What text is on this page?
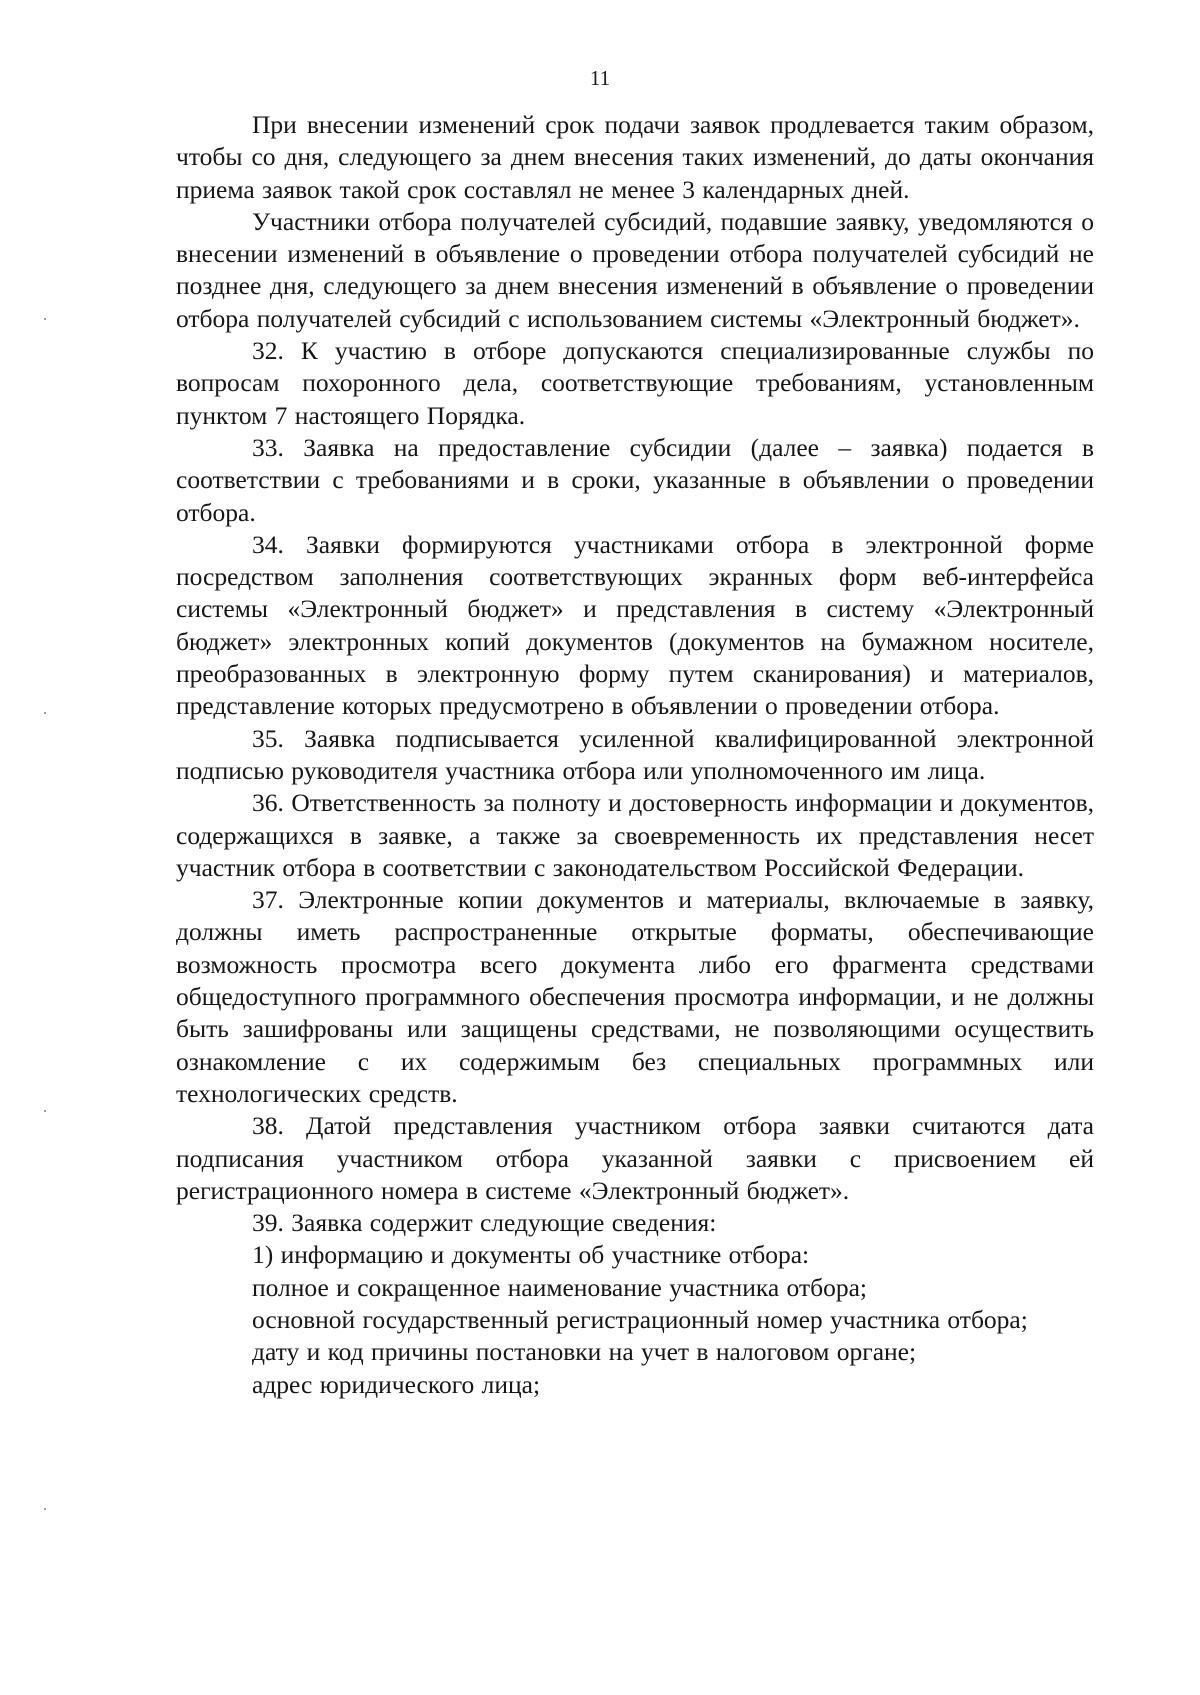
11

При внесении изменений срок подачи заявок продлевается таким образом, чтобы со дня, следующего за днем внесения таких изменений, до даты окончания приема заявок такой срок составлял не менее 3 календарных дней.

Участники отбора получателей субсидий, подавшие заявку, уведомляются о внесении изменений в объявление о проведении отбора получателей субсидий не позднее дня, следующего за днем внесения изменений в объявление о проведении отбора получателей субсидий с использованием системы «Электронный бюджет».

32. К участию в отборе допускаются специализированные службы по вопросам похоронного дела, соответствующие требованиям, установленным пунктом 7 настоящего Порядка.

33. Заявка на предоставление субсидии (далее – заявка) подается в соответствии с требованиями и в сроки, указанные в объявлении о проведении отбора.

34. Заявки формируются участниками отбора в электронной форме посредством заполнения соответствующих экранных форм веб-интерфейса системы «Электронный бюджет» и представления в систему «Электронный бюджет» электронных копий документов (документов на бумажном носителе, преобразованных в электронную форму путем сканирования) и материалов, представление которых предусмотрено в объявлении о проведении отбора.

35. Заявка подписывается усиленной квалифицированной электронной подписью руководителя участника отбора или уполномоченного им лица.

36. Ответственность за полноту и достоверность информации и документов, содержащихся в заявке, а также за своевременность их представления несет участник отбора в соответствии с законодательством Российской Федерации.

37. Электронные копии документов и материалы, включаемые в заявку, должны иметь распространенные открытые форматы, обеспечивающие возможность просмотра всего документа либо его фрагмента средствами общедоступного программного обеспечения просмотра информации, и не должны быть зашифрованы или защищены средствами, не позволяющими осуществить ознакомление с их содержимым без специальных программных или технологических средств.

38. Датой представления участником отбора заявки считаются дата подписания участником отбора указанной заявки с присвоением ей регистрационного номера в системе «Электронный бюджет».

39. Заявка содержит следующие сведения:

1) информацию и документы об участнике отбора:

полное и сокращенное наименование участника отбора;

основной государственный регистрационный номер участника отбора;

дату и код причины постановки на учет в налоговом органе;

адрес юридического лица;
